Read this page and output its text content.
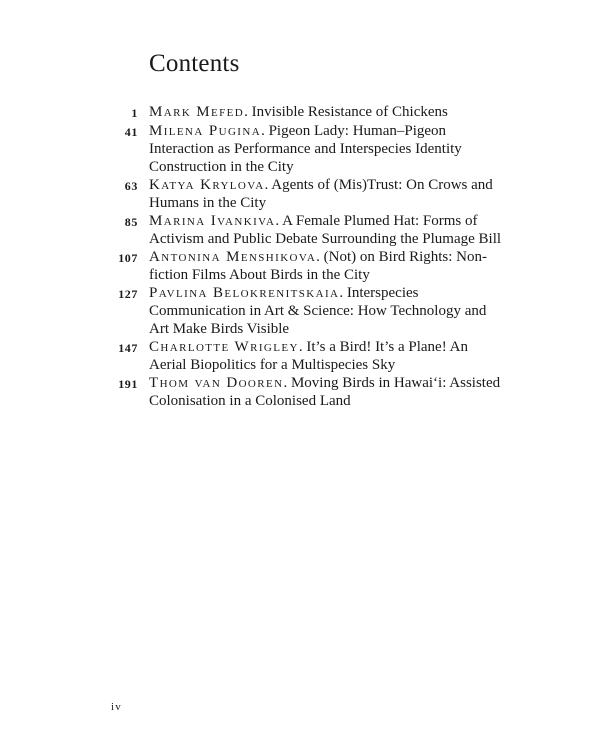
Contents
1 Mark Mefed. Invisible Resistance of Chickens
41 Milena Pugina. Pigeon Lady: Human–Pigeon Interaction as Performance and Interspecies Identity Construction in the City
63 Katya Krylova. Agents of (Mis)Trust: On Crows and Humans in the City
85 Marina Ivankiva. A Female Plumed Hat: Forms of Activism and Public Debate Surrounding the Plumage Bill
107 Antonina Menshikova. (Not) on Bird Rights: Non-fiction Films About Birds in the City
127 Pavlina Belokrenitskaia. Interspecies Communication in Art & Science: How Technology and Art Make Birds Visible
147 Charlotte Wrigley. It’s a Bird! It’s a Plane! An Aerial Biopolitics for a Multispecies Sky
191 Thom van Dooren. Moving Birds in Hawai‘i: Assisted Colonisation in a Colonised Land
iv
